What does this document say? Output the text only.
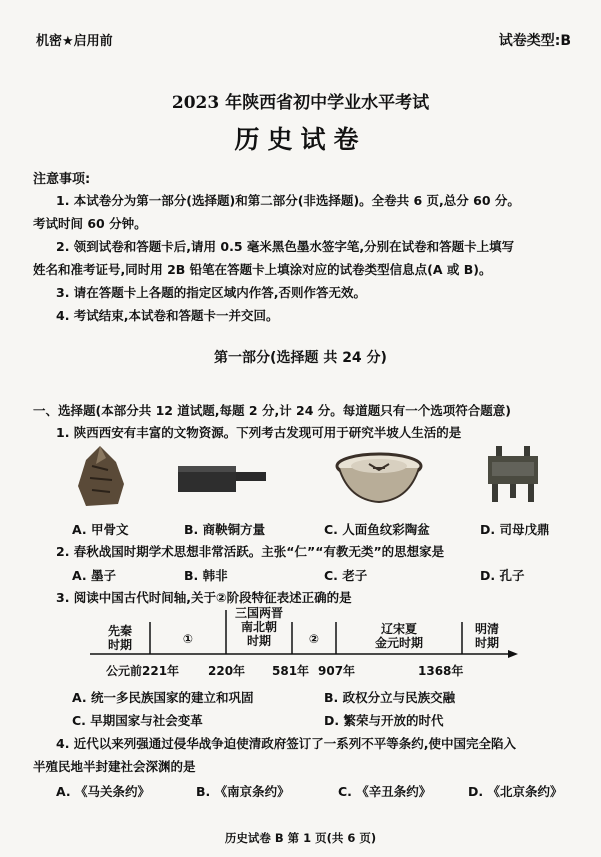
机密★启用前	试卷类型:B
2023 年陕西省初中学业水平考试
历史试卷
注意事项:
1. 本试卷分为第一部分(选择题)和第二部分(非选择题)。全卷共 6 页,总分 60 分。
考试时间 60 分钟。
2. 领到试卷和答题卡后,请用 0.5 毫米黑色墨水签字笔,分别在试卷和答题卡上填写
姓名和准考证号,同时用 2B 铅笔在答题卡上填涂对应的试卷类型信息点(A 或 B)。
3. 请在答题卡上各题的指定区域内作答,否则作答无效。
4. 考试结束,本试卷和答题卡一并交回。
第一部分(选择题 共 24 分)
一、选择题(本部分共 12 道试题,每题 2 分,计 24 分。每道题只有一个选项符合题意)
1. 陕西西安有丰富的文物资源。下列考古发现可用于研究半坡人生活的是
A. 甲骨文	B. 商鞅铜方量	C. 人面鱼纹彩陶盆	D. 司母戊鼎
2. 春秋战国时期学术思想非常活跃。主张“仁”“有教无类”的思想家是
A. 墨子	B. 韩非	C. 老子	D. 孔子
3. 阅读中国古代时间轴,关于②阶段特征表述正确的是
先秦
时期	①
三国两晋
南北朝
时期	②
辽宋夏
金元时期
明清
时期
公元前221年 220年 581年 907年	1368年
A. 统一多民族国家的建立和巩固	B. 政权分立与民族交融
C. 早期国家与社会变革	D. 繁荣与开放的时代
4. 近代以来列强通过侵华战争迫使清政府签订了一系列不平等条约,使中国完全陷入
半殖民地半封建社会深渊的是
A. 《马关条约》	B. 《南京条约》	C. 《辛丑条约》	D. 《北京条约》
历史试卷 B 第 1 页(共 6 页)
